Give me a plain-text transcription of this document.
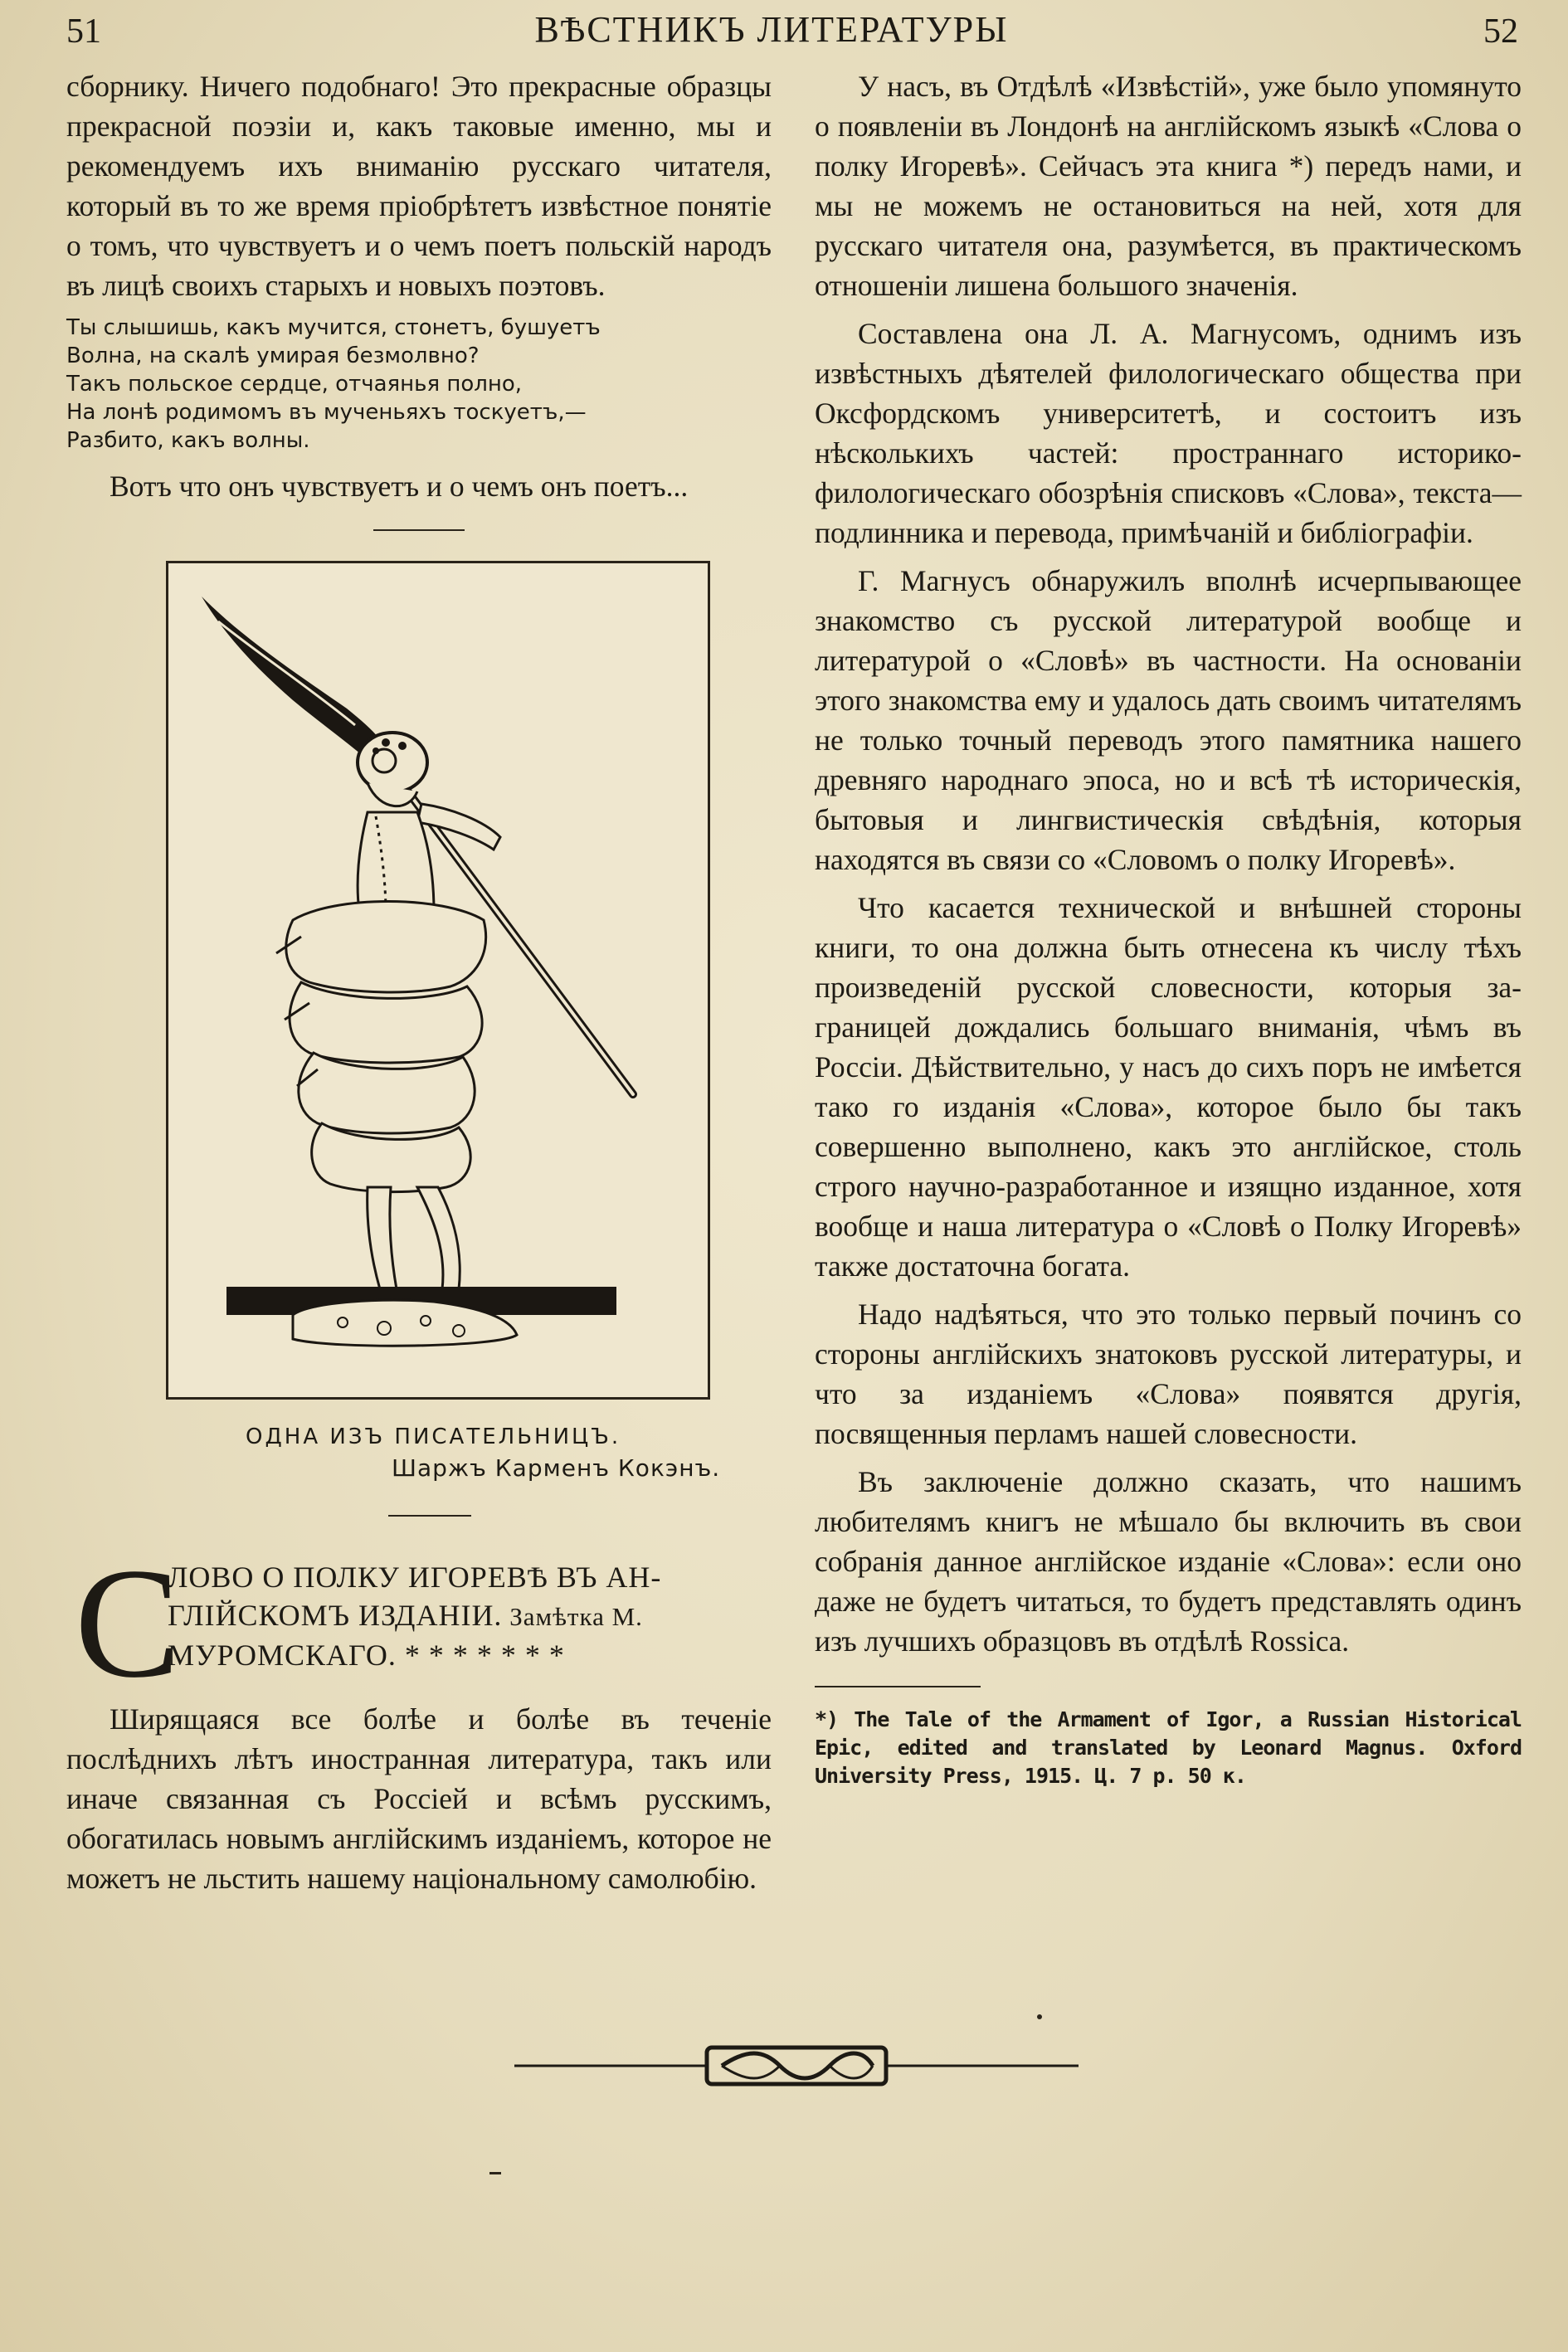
51	ВѢСТНИКЪ ЛИТЕРАТУРЫ	52

сборнику. Ничего подобнаго! Это прекрасные образцы прекрасной поэзіи и, какъ таковые именно, мы и рекомендуемъ ихъ вниманію русскаго читателя, который въ то же время пріобрѣтетъ извѣстное понятіе о томъ, что чувствуетъ и о чемъ поетъ польскій народъ въ лицѣ своихъ старыхъ и новыхъ поэтовъ.

Ты слышишь, какъ мучится, стонетъ, бушуетъ
Волна, на скалѣ умирая безмолвно?
Такъ польское сердце, отчаянья полно,
На лонѣ родимомъ въ мученьяхъ тоскуетъ,—
Разбито, какъ волны.

Вотъ что онъ чувствуетъ и о чемъ онъ поетъ...

ОДНА ИЗЪ ПИСАТЕЛЬНИЦЪ.
Шаржъ Карменъ Кокэнъ.
С
ЛОВО О ПОЛКУ ИГОРЕВѢ ВЪ АН-
ГЛІЙСКОМЪ ИЗДАНІИ. Замѣтка М.
МУРОМСКАГО. * * * * * * *

Ширящаяся все болѣе и болѣе въ теченіе послѣднихъ лѣтъ иностранная литература, такъ или иначе связанная съ Россіей и всѣмъ русскимъ, обогатилась новымъ англійскимъ изданіемъ, которое не можетъ не льстить нашему національному самолюбію.

У насъ, въ Отдѣлѣ «Извѣстій», уже было упомянуто о появленіи въ Лондонѣ на англійскомъ языкѣ «Слова о полку Игоревѣ». Сейчасъ эта книга *) передъ нами, и мы не можемъ не остановиться на ней, хотя для русскаго читателя она, разумѣется, въ практическомъ отношеніи лишена большого значенія.

Составлена она Л. А. Магнусомъ, однимъ изъ извѣстныхъ дѣятелей филологическаго общества при Оксфордскомъ университетѣ, и состоитъ изъ нѣсколькихъ частей: пространнаго историко-филологическаго обозрѣнія списковъ «Слова», текста—подлинника и перевода, примѣчаній и библіографіи.

Г. Магнусъ обнаружилъ вполнѣ исчерпывающее знакомство съ русской литературой вообще и литературой о «Словѣ» въ частности. На основаніи этого знакомства ему и удалось дать своимъ читателямъ не только точный переводъ этого памятника нашего древняго народнаго эпоса, но и всѣ тѣ историческія, бытовыя и лингвистическія свѣдѣнія, которыя находятся въ связи со «Словомъ о полку Игоревѣ».

Что касается технической и внѣшней стороны книги, то она должна быть отнесена къ числу тѣхъ произведеній русской словесности, которыя за-границей дождались большаго вниманія, чѣмъ въ Россіи. Дѣйствительно, у насъ до сихъ поръ не имѣется тако го изданія «Слова», которое было бы такъ совершенно выполнено, какъ это англійское, столь строго научно-разработанное и изящно изданное, хотя вообще и наша литература о «Словѣ о Полку Игоревѣ» также достаточна богата.

Надо надѣяться, что это только первый починъ со стороны англійскихъ знатоковъ русской литературы, и что за изданіемъ «Слова» появятся другія, посвященныя перламъ нашей словесности.

Въ заключеніе должно сказать, что нашимъ любителямъ книгъ не мѣшало бы включить въ свои собранія данное англійское изданіе «Слова»: если оно даже не будетъ читаться, то будетъ представлять одинъ изъ лучшихъ образцовъ въ отдѣлѣ Rossica.

*) The Tale of the Armament of Igor, a Russian Historical Epic, edited and translated by Leonard Magnus. Oxford University Press, 1915. Ц. 7 р. 50 к.
